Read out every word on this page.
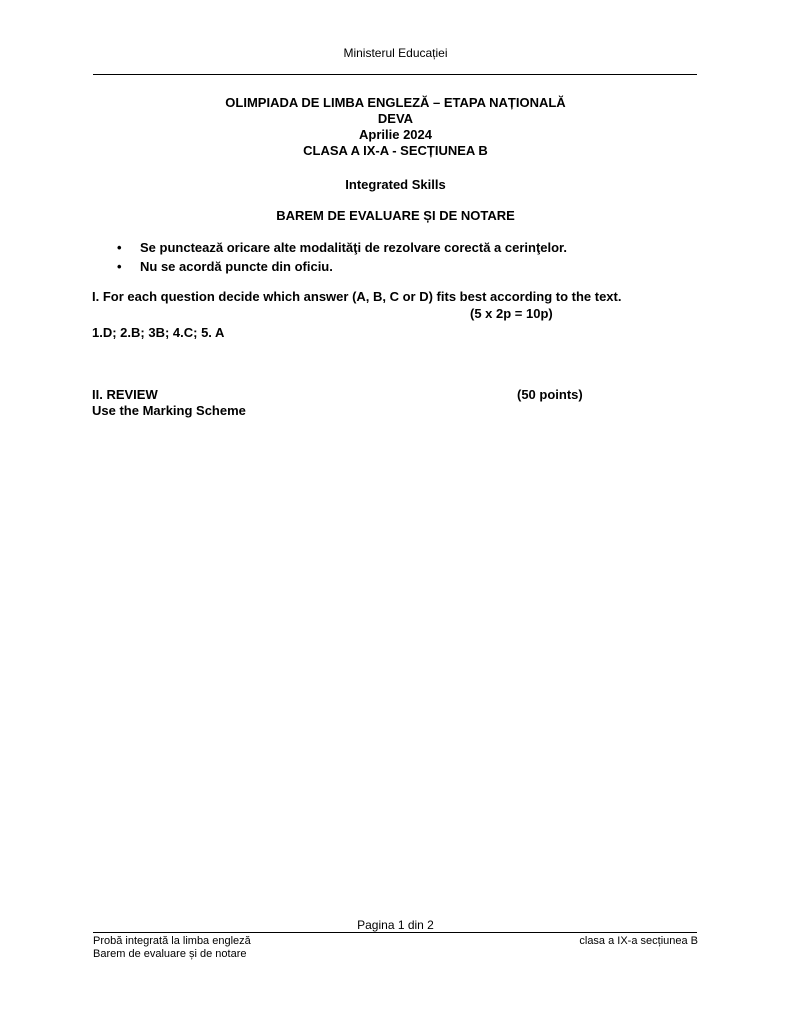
Ministerul Educației
OLIMPIADA DE LIMBA ENGLEZĂ – ETAPA NAȚIONALĂ
DEVA
Aprilie 2024
CLASA A IX-A - SECȚIUNEA B
Integrated Skills
BAREM DE EVALUARE ȘI DE NOTARE
• Se punctează oricare alte modalităţi de rezolvare corectă a cerinţelor.
• Nu se acordă puncte din oficiu.
I. For each question decide which answer (A, B, C or D) fits best according to the text.
(5 x 2p = 10p)
1.D; 2.B; 3B; 4.C; 5. A
II. REVIEW	(50 points)
Use the Marking Scheme
Pagina 1 din 2
Probă integrată la limba engleză
Barem de evaluare și de notare
clasa a IX-a secțiunea B
